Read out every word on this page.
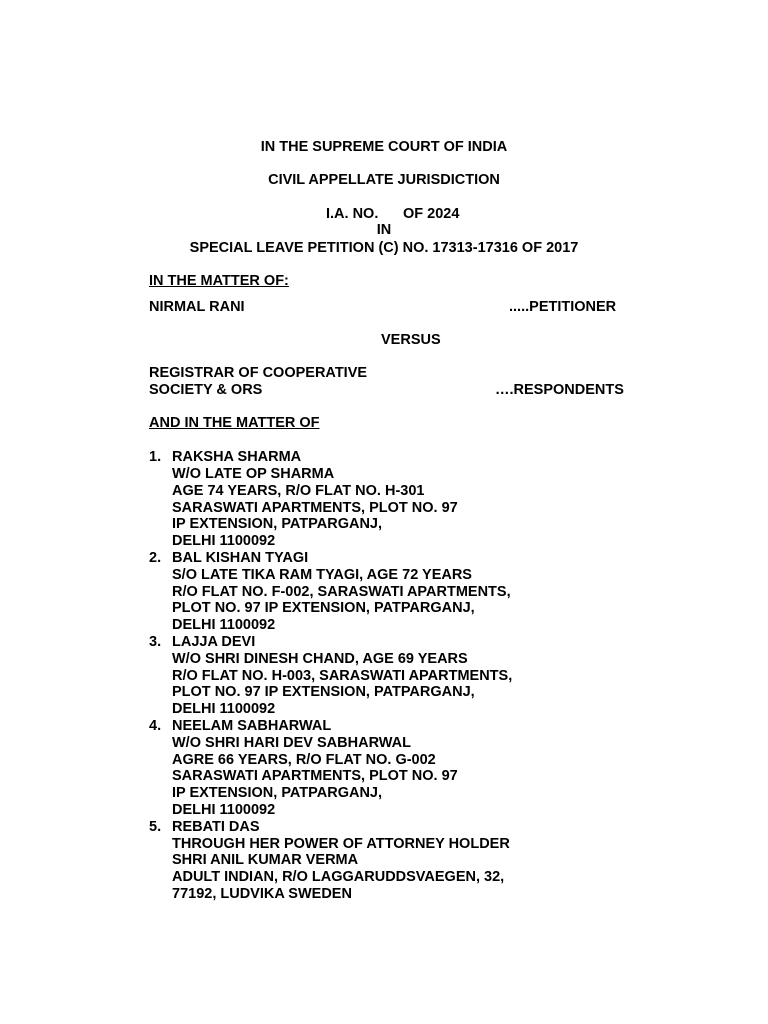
IN THE SUPREME COURT OF INDIA
CIVIL APPELLATE JURISDICTION
I.A. NO. OF 2024
IN
SPECIAL LEAVE PETITION (C) NO. 17313-17316 OF 2017
IN THE MATTER OF:
NIRMAL RANI	.....PETITIONER
VERSUS
REGISTRAR OF COOPERATIVE
SOCIETY & ORS	….RESPONDENTS
AND IN THE MATTER OF
1. RAKSHA SHARMA
W/O LATE OP SHARMA
AGE 74 YEARS, R/O FLAT NO. H-301
SARASWATI APARTMENTS, PLOT NO. 97
IP EXTENSION, PATPARGANJ,
DELHI 1100092
2. BAL KISHAN TYAGI
S/O LATE TIKA RAM TYAGI, AGE 72 YEARS
R/O FLAT NO. F-002, SARASWATI APARTMENTS,
PLOT NO. 97 IP EXTENSION, PATPARGANJ,
DELHI 1100092
3. LAJJA DEVI
W/O SHRI DINESH CHAND, AGE 69 YEARS
R/O FLAT NO. H-003, SARASWATI APARTMENTS,
PLOT NO. 97 IP EXTENSION, PATPARGANJ,
DELHI 1100092
4. NEELAM SABHARWAL
W/O SHRI HARI DEV SABHARWAL
AGRE 66 YEARS, R/O FLAT NO. G-002
SARASWATI APARTMENTS, PLOT NO. 97
IP EXTENSION, PATPARGANJ,
DELHI 1100092
5. REBATI DAS
THROUGH HER POWER OF ATTORNEY HOLDER
SHRI ANIL KUMAR VERMA
ADULT INDIAN, R/O LAGGARUDDSVAEGEN, 32,
77192, LUDVIKA SWEDEN
